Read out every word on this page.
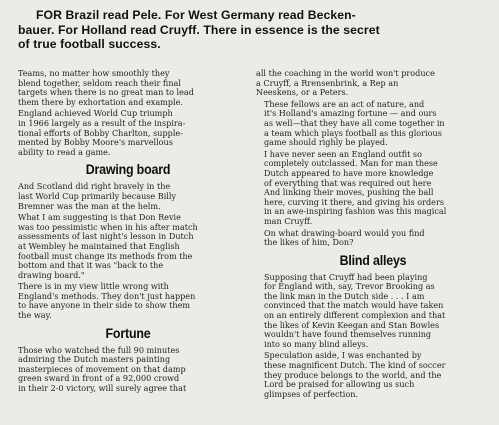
FOR Brazil read Pele. For West Germany read Becken-
bauer. For Holland read Cruyff. There in essence is the secret
of true football success.

Teams, no matter how smoothly they
blend together, seldom reach their final
targets when there is no great man to lead
them there by exhortation and example.

England achieved World Cup triumph
in 1966 largely as a result of the inspira-
tional efforts of Bobby Charlton, supple-
mented by Bobby Moore's marvellous
ability to read a game.

Drawing board

And Scotland did right bravely in the
last World Cup primarily because Billy
Bremner was the man at the helm.

What I am suggesting is that Don Revie
was too pessimistic when in his after match
assessments of last night's lesson in Dutch
at Wembley he maintained that English
football must change its methods from the
bottom and that it was "back to the
drawing board."

There is in my view little wrong with
England's methods. They don't just happen
to have anyone in their side to show them
the way.

Fortune

Those who watched the full 90 minutes
admiring the Dutch masters painting
masterpieces of movement on that damp
green sward in front of a 92,000 crowd
in their 2-0 victory, will surely agree that

all the coaching in the world won't produce
a Cruyff, a Rrensenbrink, a Rep an
Neeskens, or a Peters.

These fellows are an act of nature, and
it's Holland's amazing fortune — and ours
as well—that they have all come together in
a team which plays football as this glorious
game should righly be played.

I have never seen an England outfit so
completely outclassed. Man for man these
Dutch appeared to have more knowledge
of everything that was required out here
And linking their moves, pushing the ball
here, curving it there, and giving his orders
in an awe-inspiring fashion was this magical
man Cruyff.

On what drawing-board would you find
the likes of him, Don?

Blind alleys

Supposing that Cruyff had been playing
for England with, say, Trevor Brooking as
the link man in the Dutch side . . . I am
convinced that the match would have taken
on an entirely different complexion and that
the likes of Kevin Keegan and Stan Bowles
wouldn't have found themselves running
into so many blind alleys.

Speculation aside, I was enchanted by
these magnificent Dutch. The kind of soccer
they produce belongs to the world, and the
Lord be praised for allowing us such
glimpses of perfection.
